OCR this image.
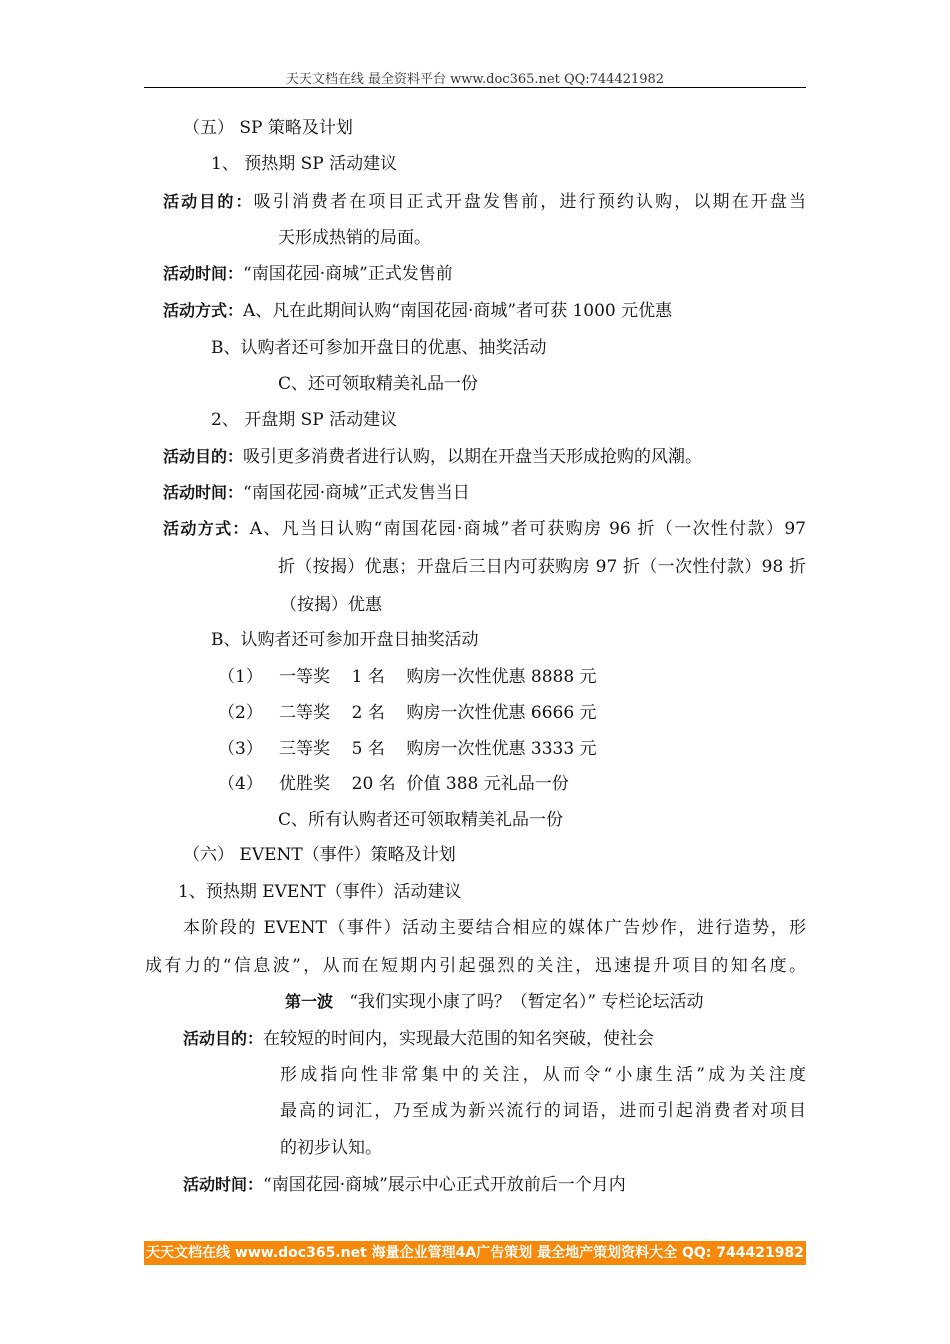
天天文档在线 最全资料平台 www.doc365.net QQ:744421982
（五） SP 策略及计划
1、 预热期 SP 活动建议
活动目的：吸引消费者在项目正式开盘发售前，进行预约认购，以期在开盘当
天形成热销的局面。
活动时间：“南国花园·商城”正式发售前
活动方式：A、凡在此期间认购“南国花园·商城”者可获 1000 元优惠
B、认购者还可参加开盘日的优惠、抽奖活动
C、还可领取精美礼品一份
2、 开盘期 SP 活动建议
活动目的：吸引更多消费者进行认购，以期在开盘当天形成抢购的风潮。
活动时间：“南国花园·商城”正式发售当日
活动方式：A、凡当日认购“南国花园·商城”者可获购房 96 折（一次性付款）97
折（按揭）优惠；开盘后三日内可获购房 97 折（一次性付款）98 折
（按揭）优惠
B、认购者还可参加开盘日抽奖活动
（1）   一等奖    1 名    购房一次性优惠 8888 元
（2）   二等奖    2 名    购房一次性优惠 6666 元
（3）   三等奖    5 名    购房一次性优惠 3333 元
（4）   优胜奖    20 名  价值 388 元礼品一份
C、所有认购者还可领取精美礼品一份
（六） EVENT（事件）策略及计划
1、预热期 EVENT（事件）活动建议
本阶段的 EVENT（事件）活动主要结合相应的媒体广告炒作，进行造势，形
成有力的“信息波”，从而在短期内引起强烈的关注，迅速提升项目的知名度。
第一波   “我们实现小康了吗？（暂定名）” 专栏论坛活动
活动目的：在较短的时间内，实现最大范围的知名突破，使社会
形成指向性非常集中的关注，从而令“小康生活”成为关注度
最高的词汇，乃至成为新兴流行的词语，进而引起消费者对项目
的初步认知。
活动时间：“南国花园·商城”展示中心正式开放前后一个月内
天天文档在线 www.doc365.net 海量企业管理4A广告策划 最全地产策划资料大全 QQ: 744421982
